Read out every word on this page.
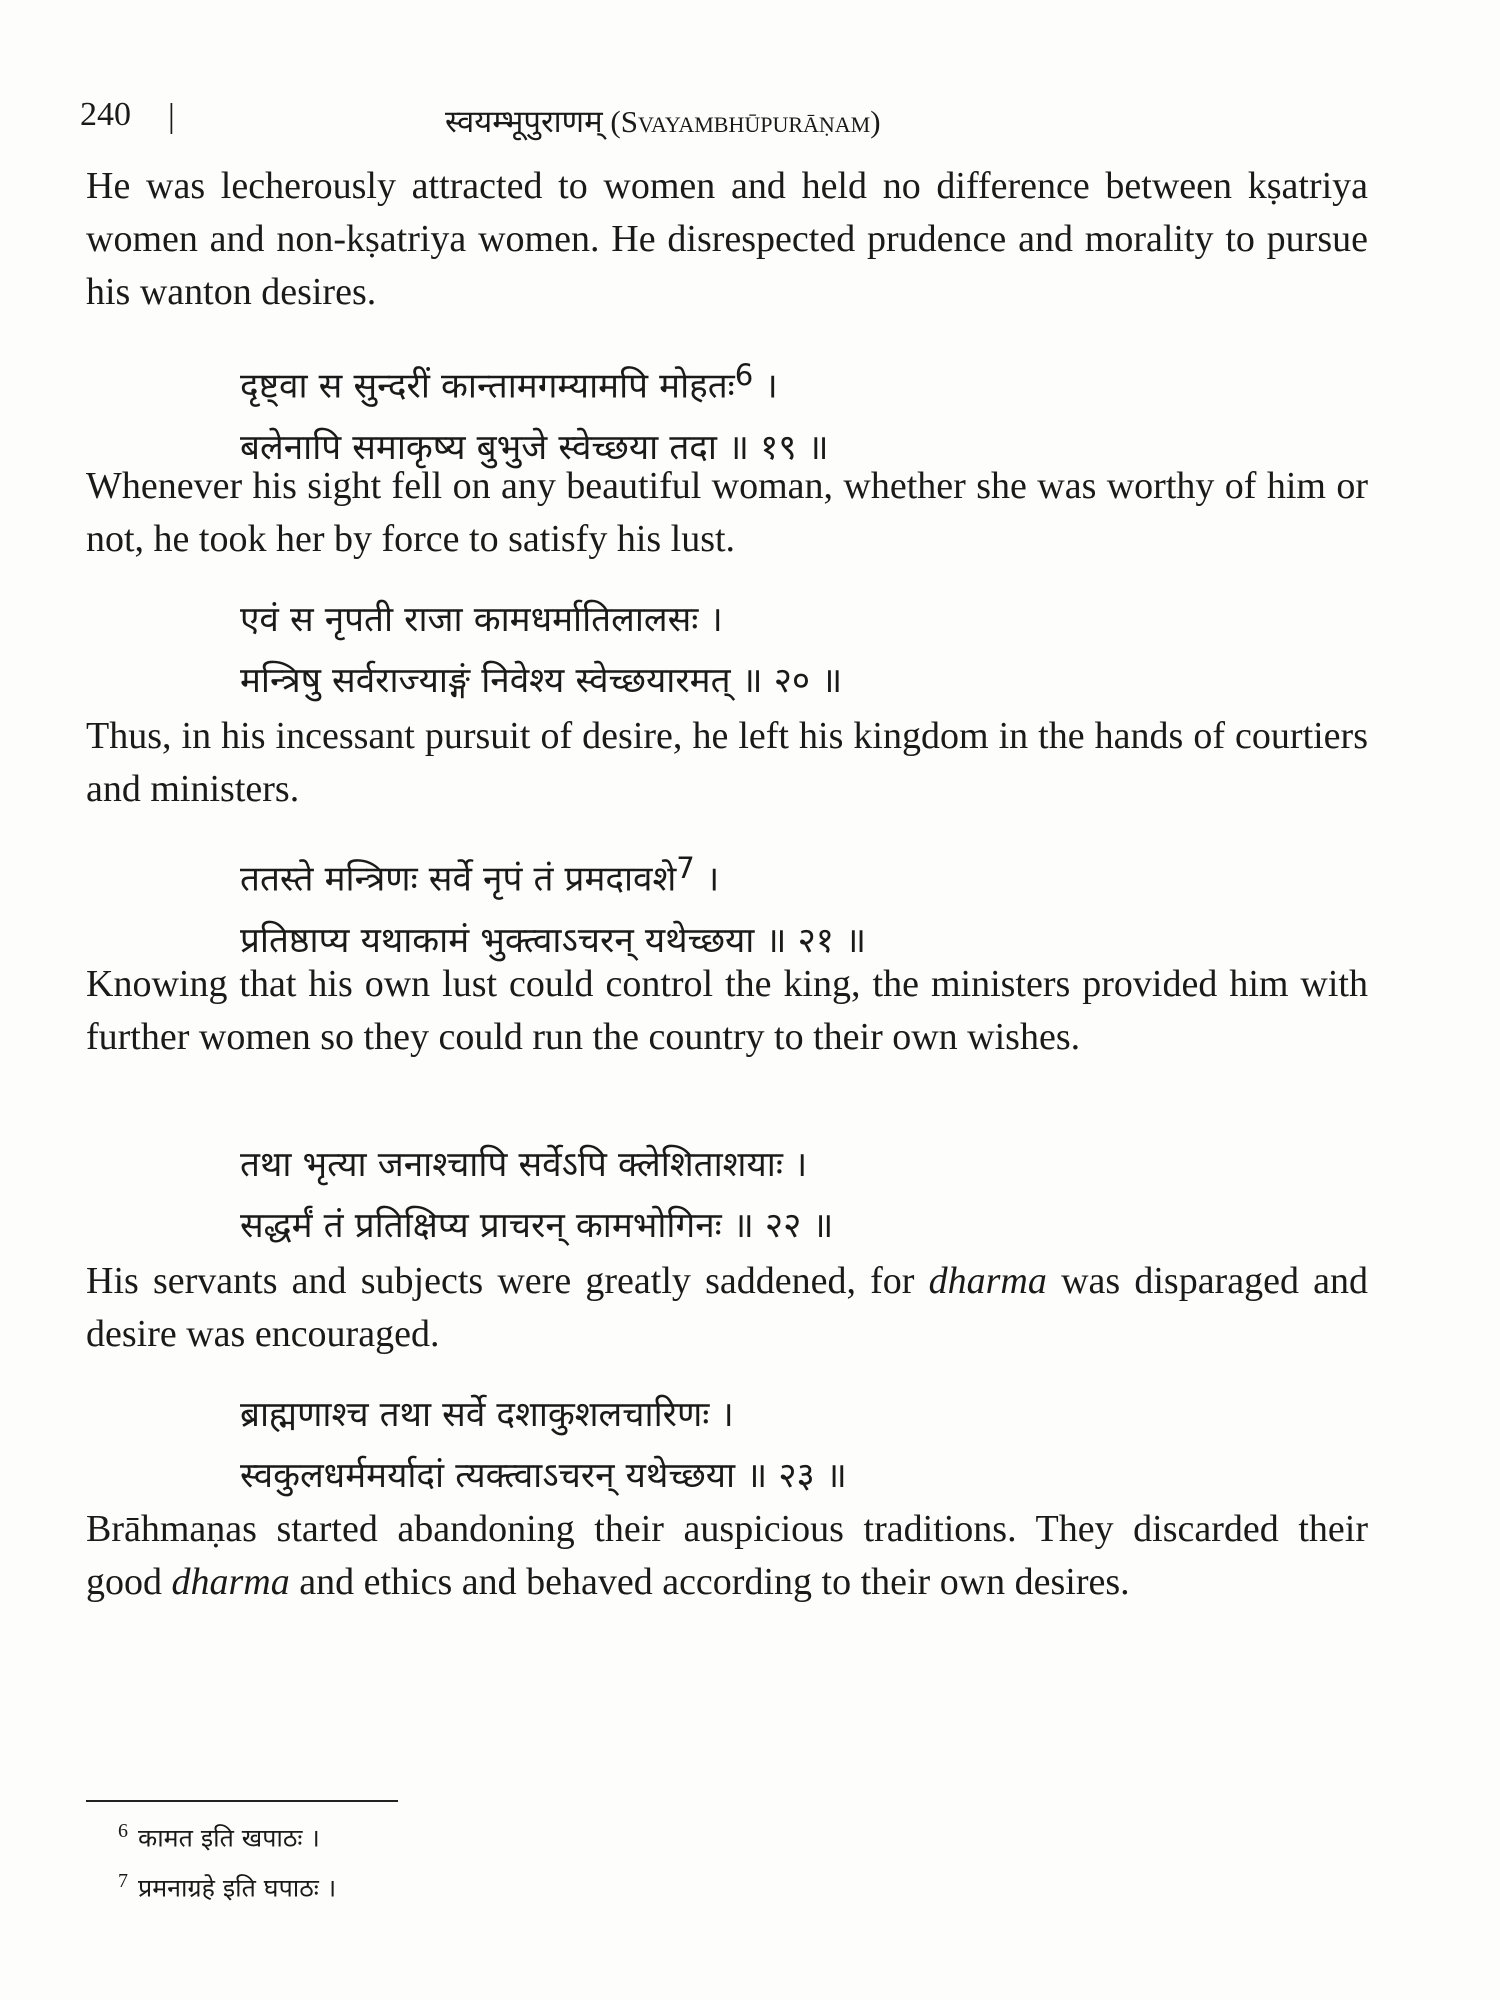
240 |	स्वयम्भूपुराणम् (Svayambhūpurāṇam)

He was lecherously attracted to women and held no difference between kṣatriya women and non-kṣatriya women. He disrespected prudence and morality to pursue his wanton desires.

दृष्ट्वा स सुन्दरीं कान्तामगम्यामपि मोहतः$^6$ ।
बलेनापि समाकृष्य बुभुजे स्वेच्छया तदा ॥ १९ ॥

Whenever his sight fell on any beautiful woman, whether she was worthy of him or not, he took her by force to satisfy his lust.

एवं स नृपती राजा कामधर्मातिलालसः ।
मन्त्रिषु सर्वराज्याङ्गं निवेश्य स्वेच्छयारमत् ॥ २० ॥

Thus, in his incessant pursuit of desire, he left his kingdom in the hands of courtiers and ministers.

ततस्ते मन्त्रिणः सर्वे नृपं तं प्रमदावशे$^7$ ।
प्रतिष्ठाप्य यथाकामं भुक्त्वाऽचरन् यथेच्छया ॥ २१ ॥

Knowing that his own lust could control the king, the ministers provided him with further women so they could run the country to their own wishes.

तथा भृत्या जनाश्चापि सर्वेऽपि क्लेशिताशयाः ।
सद्धर्मं तं प्रतिक्षिप्य प्राचरन् कामभोगिनः ॥ २२ ॥

His servants and subjects were greatly saddened, for dharma was disparaged and desire was encouraged.

ब्राह्मणाश्च तथा सर्वे दशाकुशलचारिणः ।
स्वकुलधर्ममर्यादां त्यक्त्वाऽचरन् यथेच्छया ॥ २३ ॥

Brāhmaṇas started abandoning their auspicious traditions. They discarded their good dharma and ethics and behaved according to their own desires.

$^6$ कामत इति खपाठः ।
$^7$ प्रमनाग्रहे इति घपाठः ।
